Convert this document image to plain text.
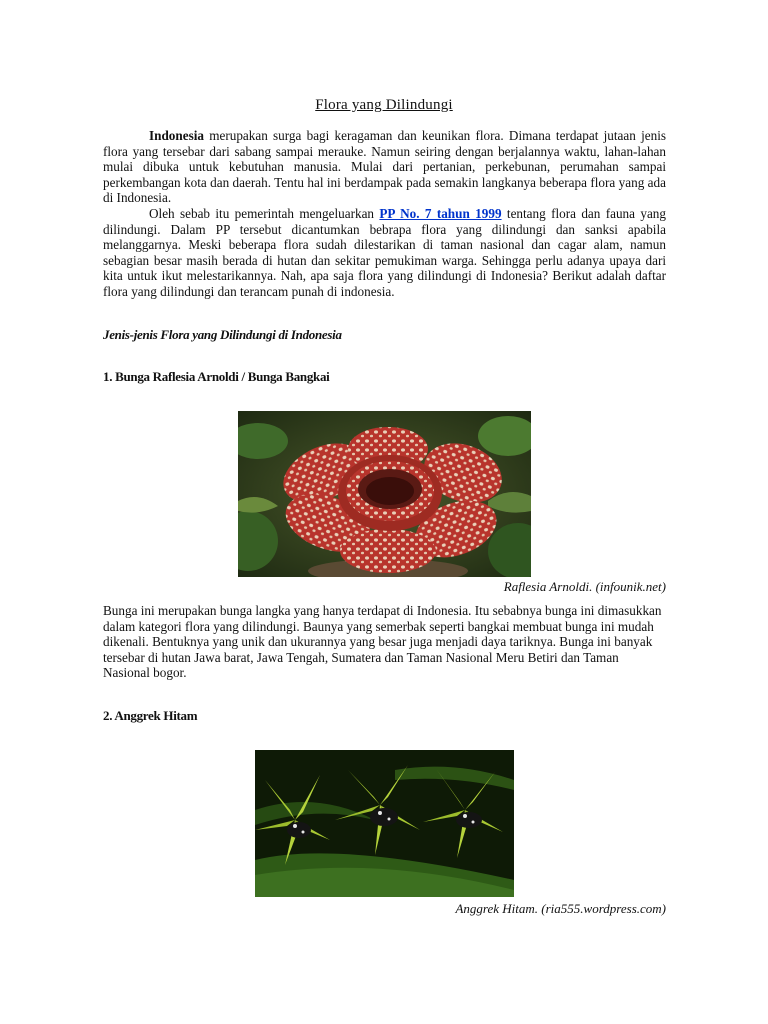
Flora yang Dilindungi
Indonesia merupakan surga bagi keragaman dan keunikan flora. Dimana terdapat jutaan jenis flora yang tersebar dari sabang sampai merauke. Namun seiring dengan berjalannya waktu, lahan-lahan mulai dibuka untuk kebutuhan manusia. Mulai dari pertanian, perkebunan, perumahan sampai perkembangan kota dan daerah. Tentu hal ini berdampak pada semakin langkanya beberapa flora yang ada di Indonesia.
Oleh sebab itu pemerintah mengeluarkan PP No. 7 tahun 1999 tentang flora dan fauna yang dilindungi. Dalam PP tersebut dicantumkan bebrapa flora yang dilindungi dan sanksi apabila melanggarnya. Meski beberapa flora sudah dilestarikan di taman nasional dan cagar alam, namun sebagian besar masih berada di hutan dan sekitar pemukiman warga. Sehingga perlu adanya upaya dari kita untuk ikut melestarikannya. Nah, apa saja flora yang dilindungi di Indonesia? Berikut adalah daftar flora yang dilindungi dan terancam punah di indonesia.
Jenis-jenis Flora yang Dilindungi di Indonesia
1. Bunga Raflesia Arnoldi / Bunga Bangkai
Raflesia Arnoldi. (infounik.net)
Bunga ini merupakan bunga langka yang hanya terdapat di Indonesia. Itu sebabnya bunga ini dimasukkan dalam kategori flora yang dilindungi. Baunya yang semerbak seperti bangkai membuat bunga ini mudah dikenali. Bentuknya yang unik dan ukurannya yang besar juga menjadi daya tariknya. Bunga ini banyak tersebar di hutan Jawa barat, Jawa Tengah, Sumatera dan Taman Nasional Meru Betiri dan Taman Nasional bogor.
2. Anggrek Hitam
Anggrek Hitam. (ria555.wordpress.com)
